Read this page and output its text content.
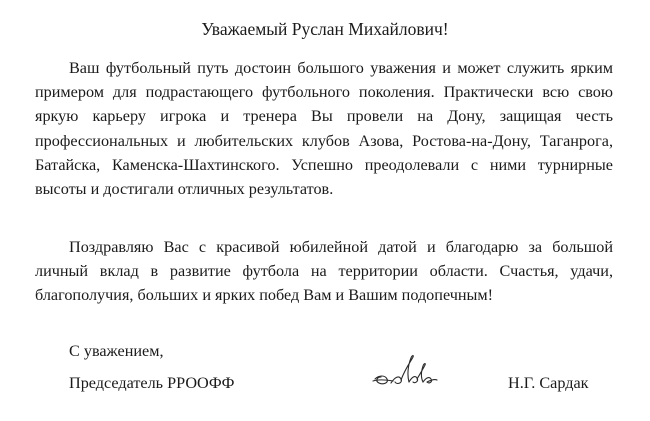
Уважаемый Руслан Михайлович!

Ваш футбольный путь достоин большого уважения и может служить ярким примером для подрастающего футбольного поколения. Практически всю свою яркую карьеру игрока и тренера Вы провели на Дону, защищая честь профессиональных и любительских клубов Азова, Ростова-на-Дону, Таганрога, Батайска, Каменска-Шахтинского. Успешно преодолевали с ними турнирные высоты и достигали отличных результатов.

Поздравляю Вас с красивой юбилейной датой и благодарю за большой личный вклад в развитие футбола на территории области. Счастья, удачи, благополучия, больших и ярких побед Вам и Вашим подопечным!

С уважением,
Председатель РРООФФ	Н.Г. Сардак
